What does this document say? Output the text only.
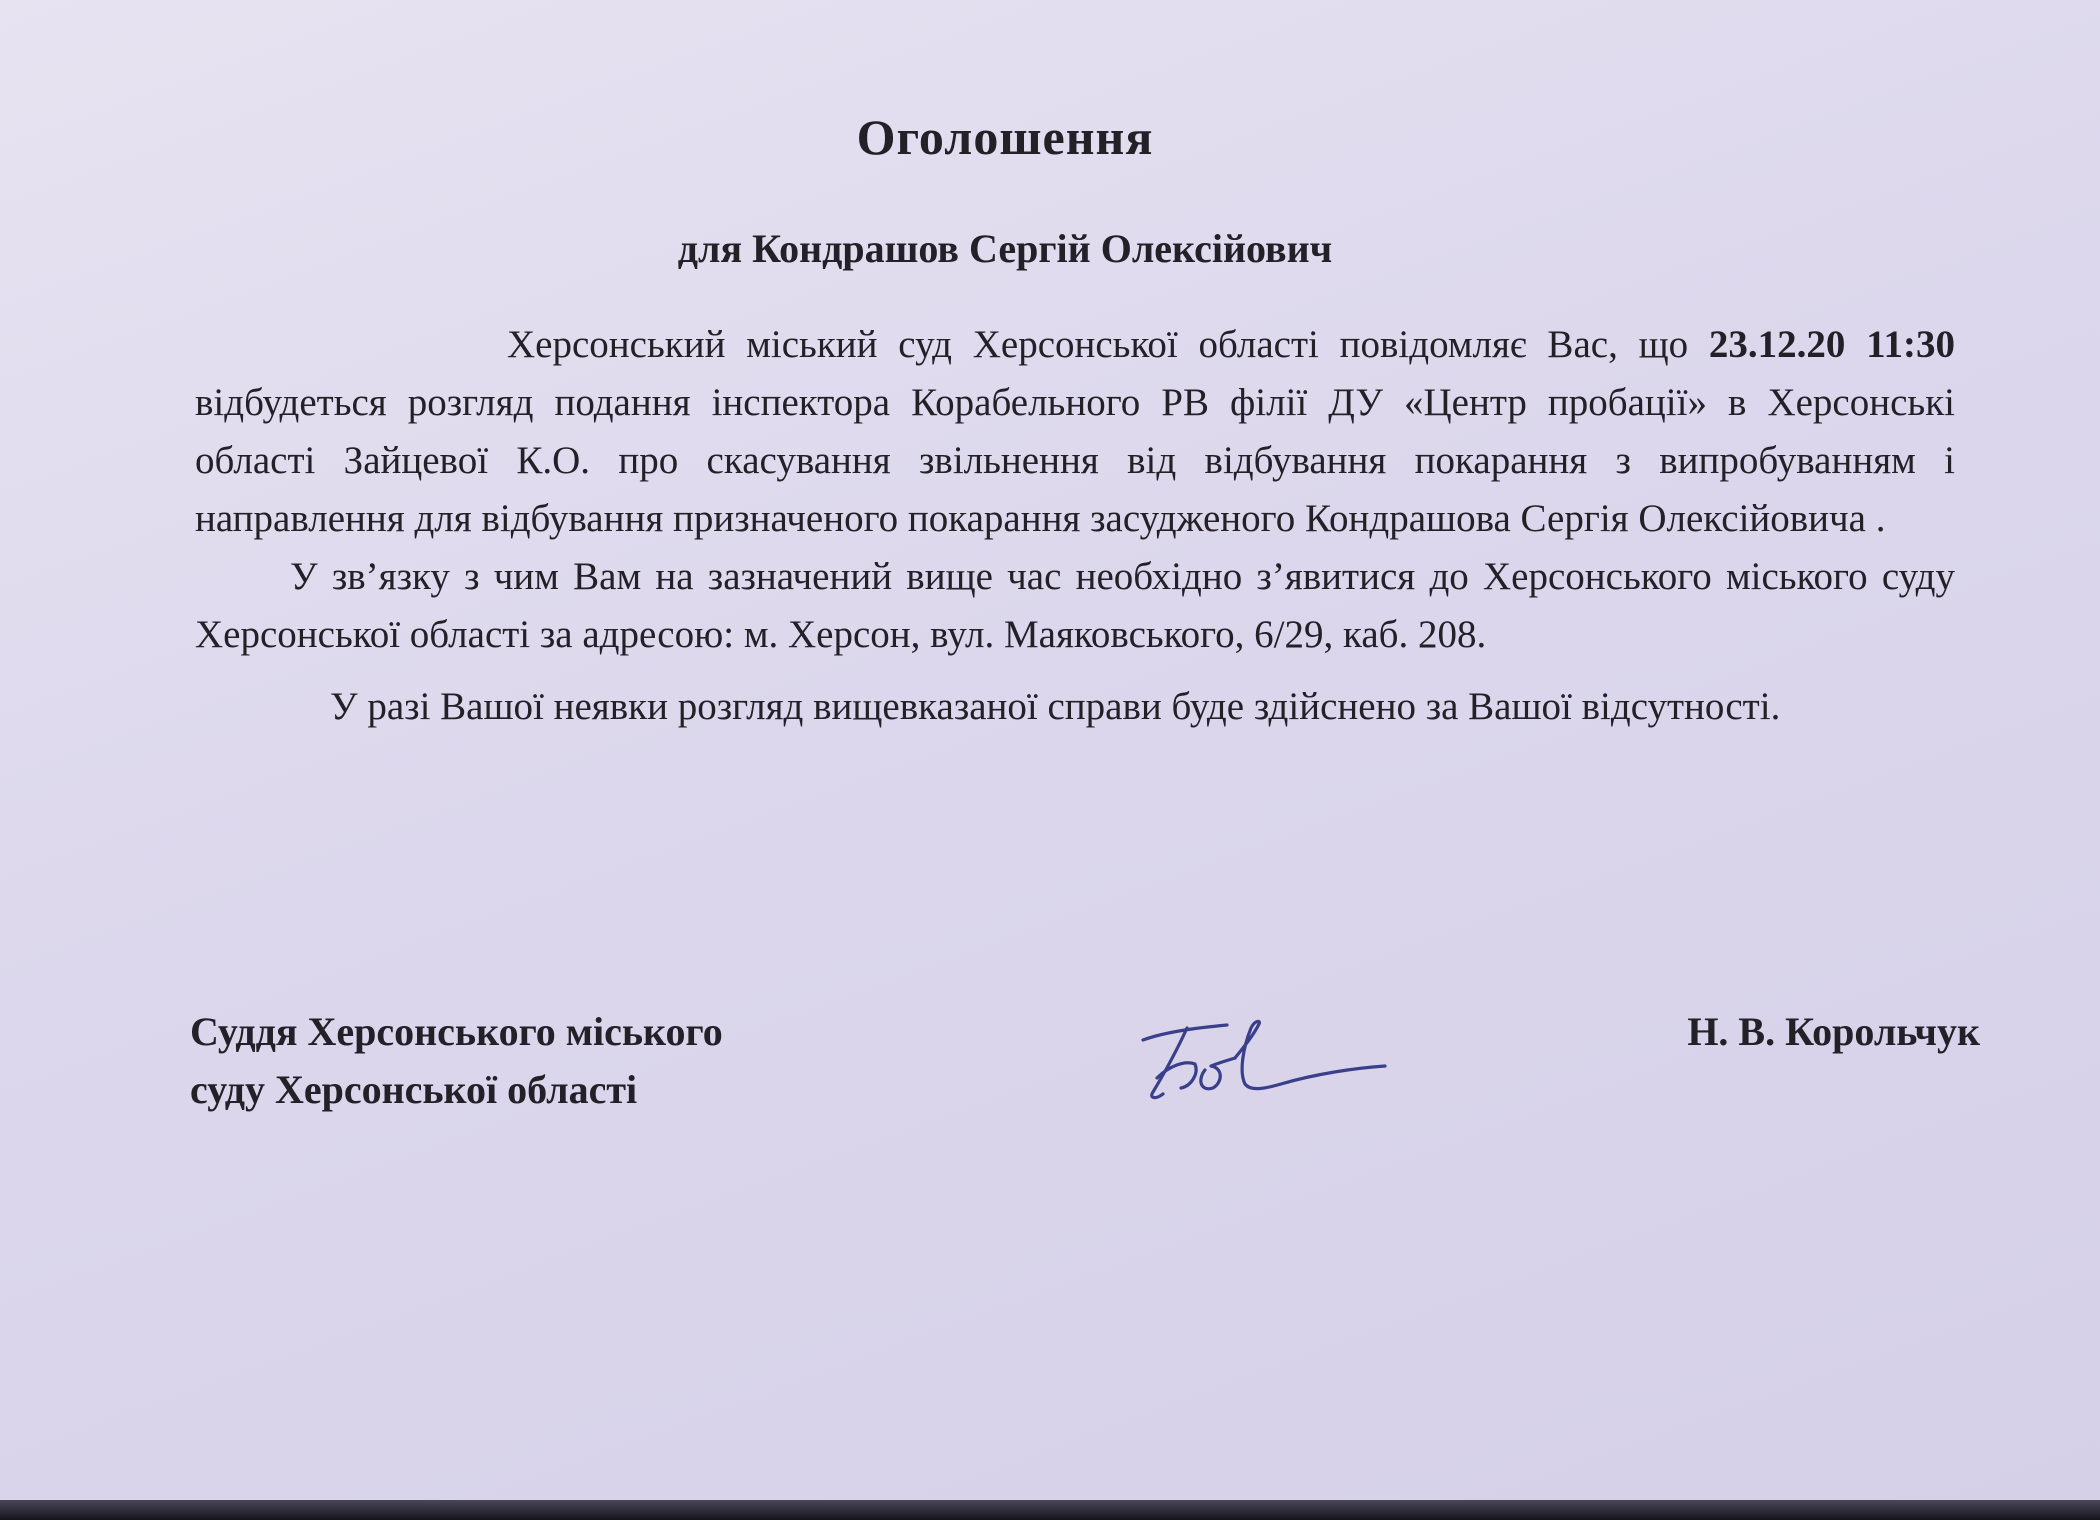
Оголошення
для Кондрашов Сергій Олексійович

Херсонський міський суд Херсонської області повідомляє Вас, що 23.12.20 11:30 відбудеться розгляд подання інспектора Корабельного РВ філії ДУ «Центр пробації» в Херсонські області Зайцевої К.О. про скасування звільнення від відбування покарання з випробуванням і направлення для відбування призначеного покарання засудженого Кондрашова Сергія Олексійовича .

У зв’язку з чим Вам на зазначений вище час необхідно з’явитися до Херсонського міського суду Херсонської області за адресою: м. Херсон, вул. Маяковського, 6/29, каб. 208.

У разі Вашої неявки розгляд вищевказаної справи буде здійснено за Вашої відсутності.

Суддя Херсонського міського
суду Херсонської області
Н. В. Корольчук
